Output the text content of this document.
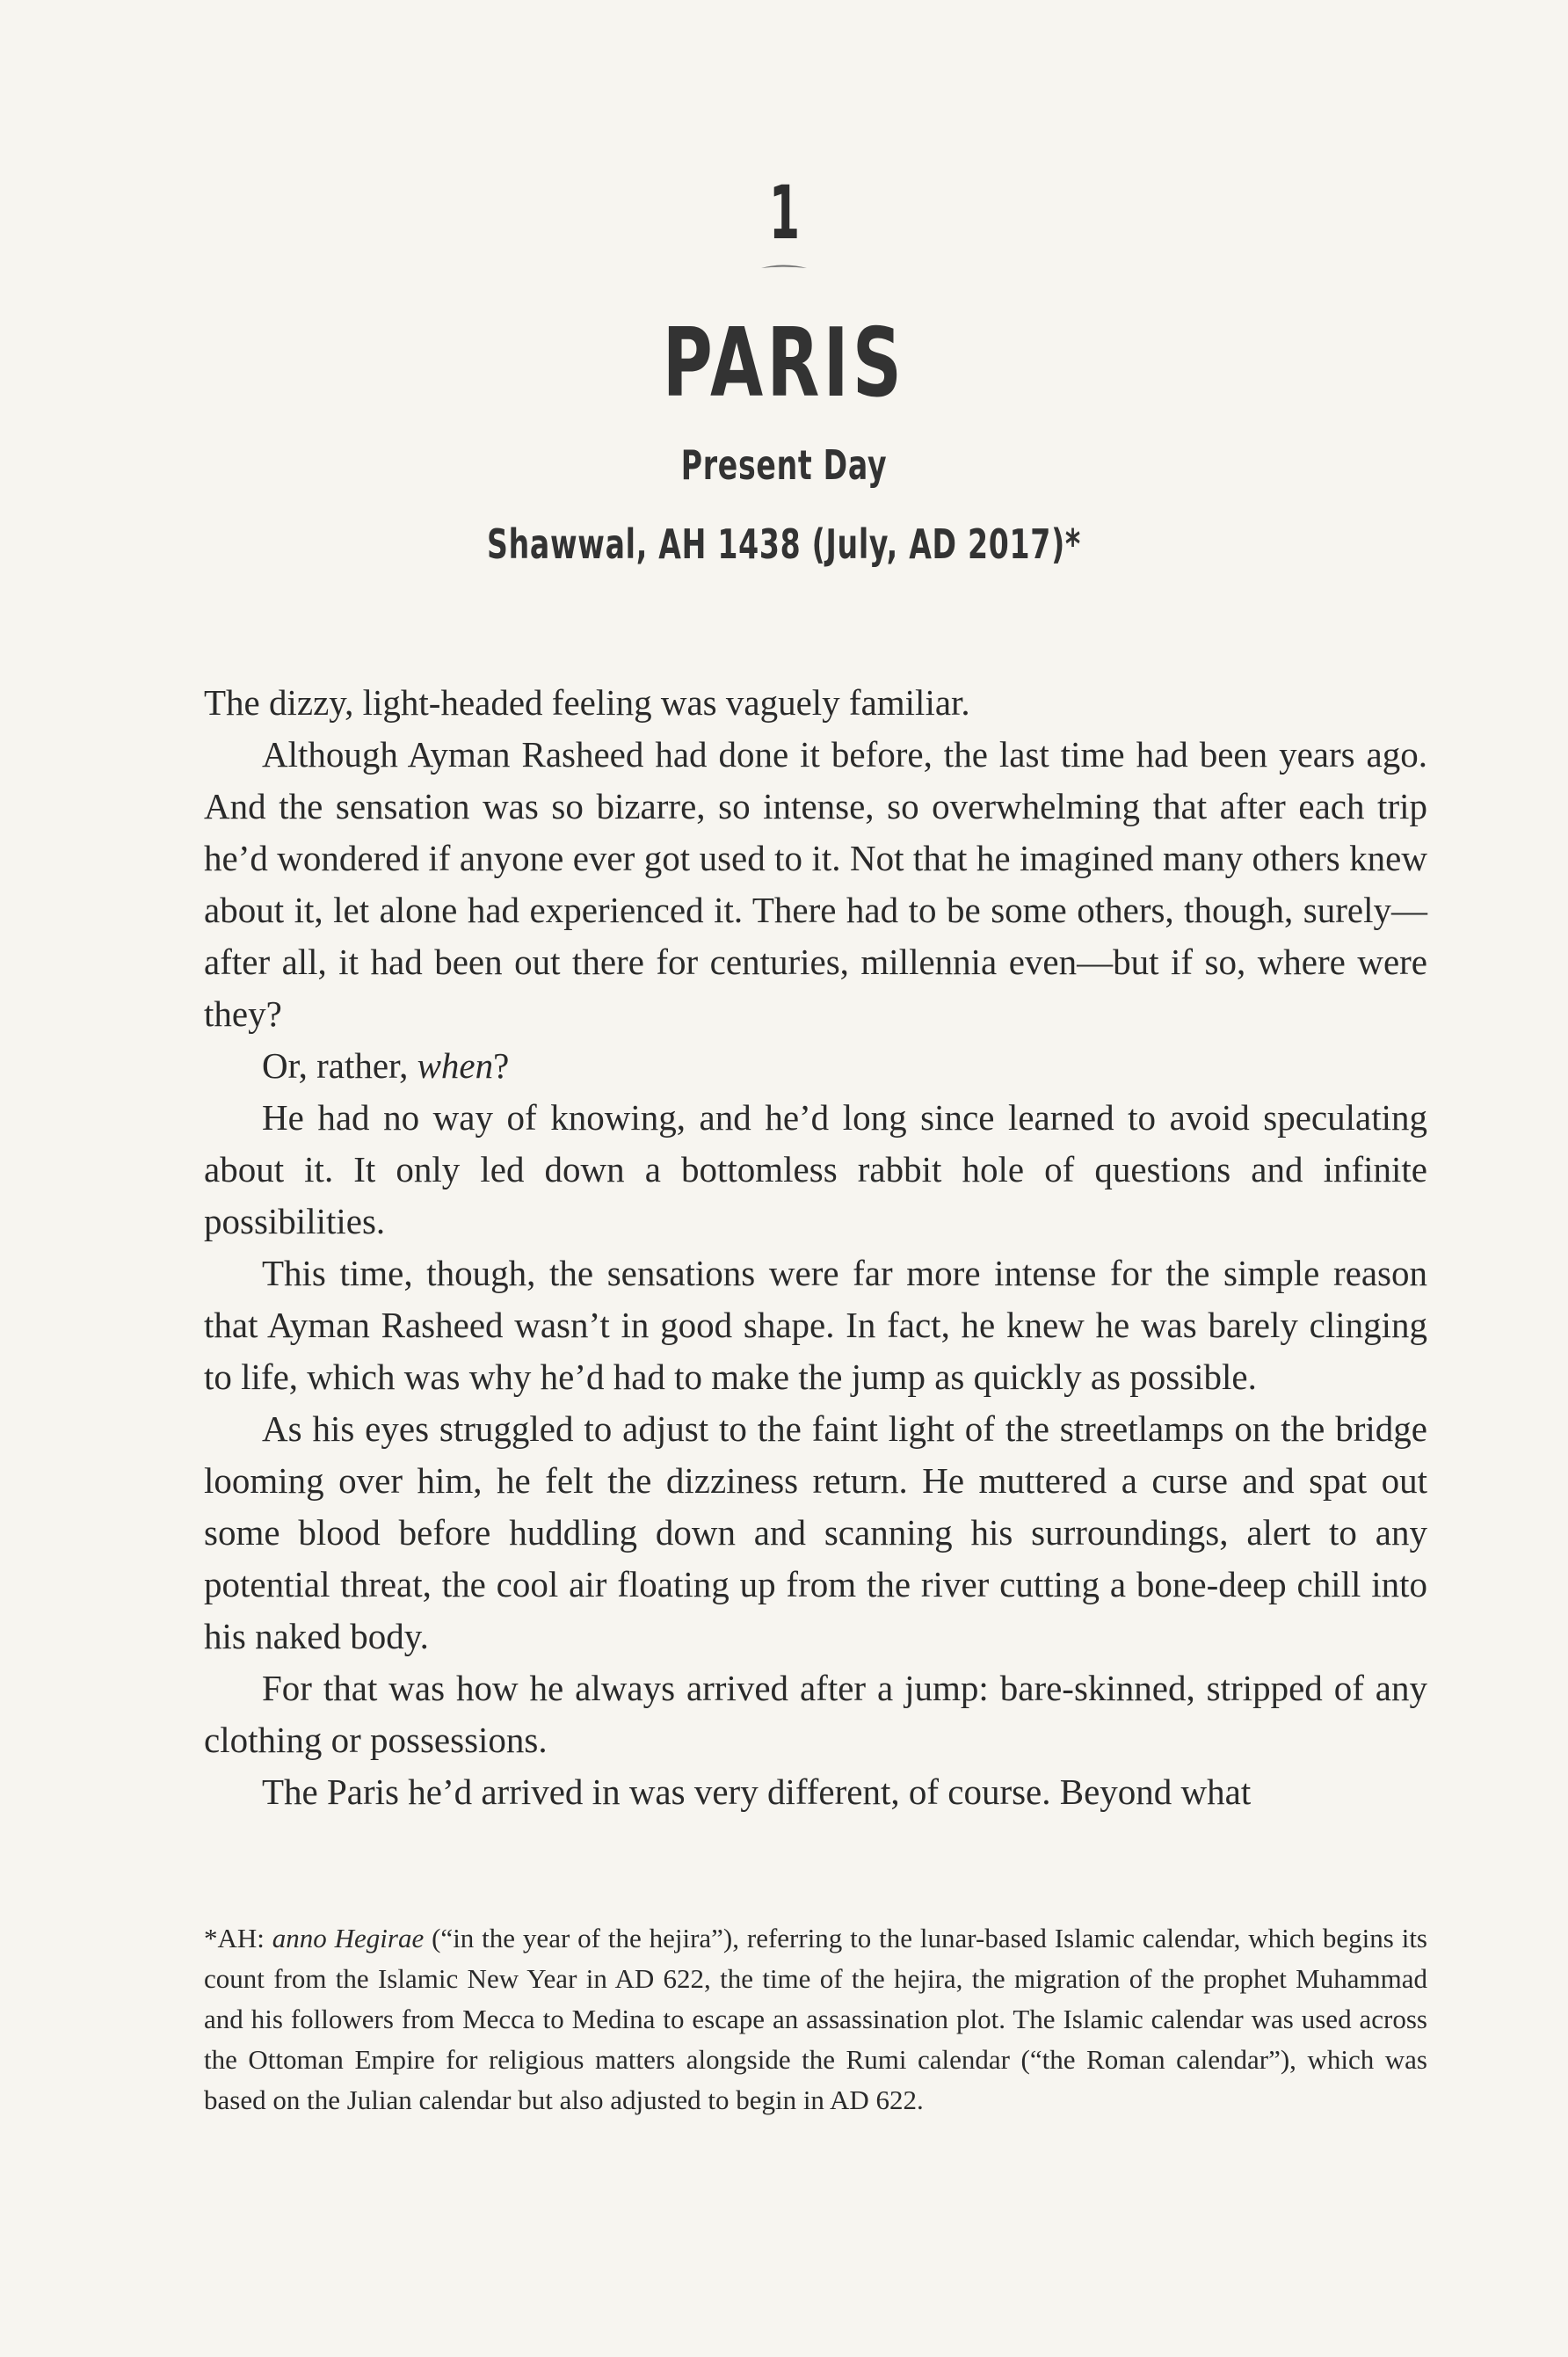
1
PARIS
Present Day
Shawwal, AH 1438 (July, AD 2017)*

The dizzy, light-headed feeling was vaguely familiar.

Although Ayman Rasheed had done it before, the last time had been years ago. And the sensation was so bizarre, so intense, so overwhelming that after each trip he’d wondered if anyone ever got used to it. Not that he imagined many others knew about it, let alone had experienced it. There had to be some others, though, surely—after all, it had been out there for centuries, millennia even—but if so, where were they?

Or, rather, when?

He had no way of knowing, and he’d long since learned to avoid speculating about it. It only led down a bottomless rabbit hole of questions and infinite possibilities.

This time, though, the sensations were far more intense for the simple reason that Ayman Rasheed wasn’t in good shape. In fact, he knew he was barely clinging to life, which was why he’d had to make the jump as quickly as possible.

As his eyes struggled to adjust to the faint light of the streetlamps on the bridge looming over him, he felt the dizziness return. He muttered a curse and spat out some blood before huddling down and scanning his surroundings, alert to any potential threat, the cool air floating up from the river cutting a bone-deep chill into his naked body.

For that was how he always arrived after a jump: bare-skinned, stripped of any clothing or possessions.

The Paris he’d arrived in was very different, of course. Beyond what

*AH: anno Hegirae (“in the year of the hejira”), referring to the lunar-based Islamic calendar, which begins its count from the Islamic New Year in AD 622, the time of the hejira, the migration of the prophet Muhammad and his followers from Mecca to Medina to escape an assassination plot. The Islamic calendar was used across the Ottoman Empire for religious matters alongside the Rumi calendar (“the Roman calendar”), which was based on the Julian calendar but also adjusted to begin in AD 622.
